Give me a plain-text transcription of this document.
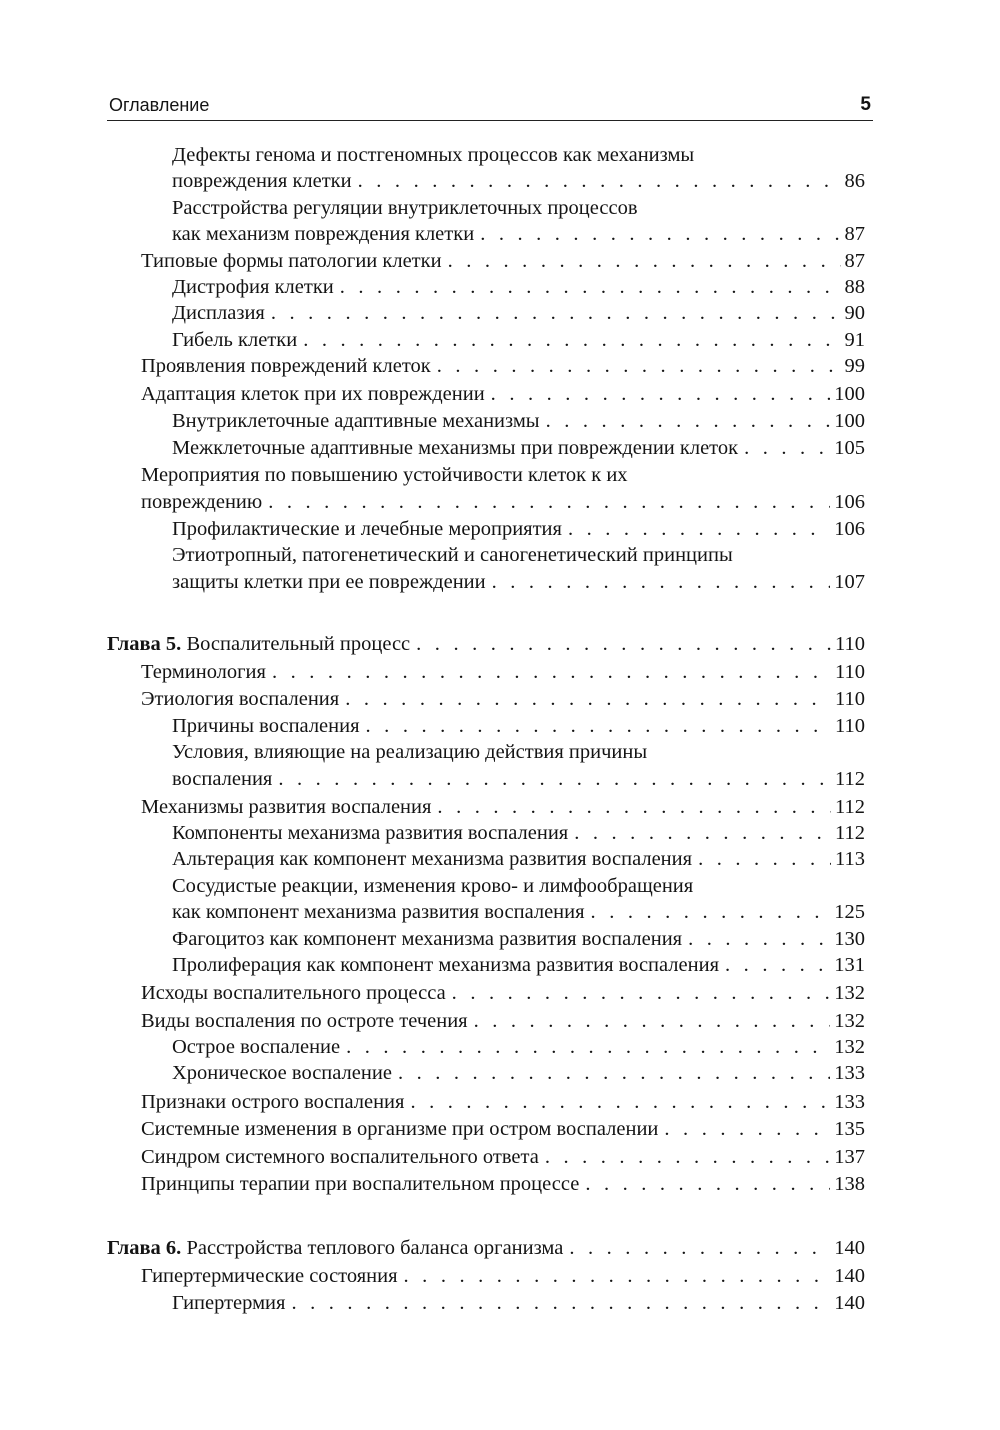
Оглавление	5
Дефекты генома и постгеномных процессов как механизмы
повреждения клетки . . .	86
Расстройства регуляции внутриклеточных процессов
как механизм повреждения клетки . . .	87
Типовые формы патологии клетки . . .	87
Дистрофия клетки . . .	88
Дисплазия . . .	90
Гибель клетки . . .	91
Проявления повреждений клеток . . .	99
Адаптация клеток при их повреждении . . .	100
Внутриклеточные адаптивные механизмы . . .	100
Межклеточные адаптивные механизмы при повреждении клеток . . .	105
Мероприятия по повышению устойчивости клеток к их
повреждению . . .	106
Профилактические и лечебные мероприятия . . .	106
Этиотропный, патогенетический и саногенетический принципы
защиты клетки при ее повреждении . . .	107
Глава 5. Воспалительный процесс . . .	110
Терминология . . .	110
Этиология воспаления . . .	110
Причины воспаления . . .	110
Условия, влияющие на реализацию действия причины
воспаления . . .	112
Механизмы развития воспаления . . .	112
Компоненты механизма развития воспаления . . .	112
Альтерация как компонент механизма развития воспаления . . .	113
Сосудистые реакции, изменения крово- и лимфообращения
как компонент механизма развития воспаления . . .	125
Фагоцитоз как компонент механизма развития воспаления . . .	130
Пролиферация как компонент механизма развития воспаления . . .	131
Исходы воспалительного процесса . . .	132
Виды воспаления по остроте течения . . .	132
Острое воспаление . . .	132
Хроническое воспаление . . .	133
Признаки острого воспаления . . .	133
Системные изменения в организме при остром воспалении . . .	135
Синдром системного воспалительного ответа . . .	137
Принципы терапии при воспалительном процессе . . .	138
Глава 6. Расстройства теплового баланса организма . . .	140
Гипертермические состояния . . .	140
Гипертермия . . .	140
